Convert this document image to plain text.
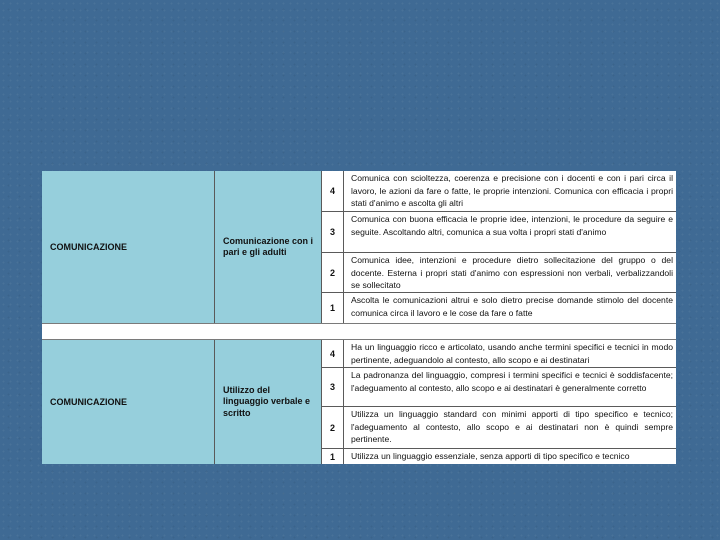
COMUNICAZIONE
Comunicazione con i
pari e gli adulti
4
Comunica con scioltezza, coerenza e precisione con i docenti e con i pari circa il lavoro, le azioni da fare o fatte, le proprie intenzioni. Comunica con efficacia i propri stati d'animo e ascolta gli altri
3
Comunica con buona efficacia le proprie idee, intenzioni, le procedure da seguire e seguite. Ascoltando altri, comunica a sua volta i propri stati d'animo
2
Comunica idee, intenzioni e procedure dietro sollecitazione del gruppo o del docente. Esterna i propri stati d'animo con espressioni non verbali, verbalizzandoli se sollecitato
1
Ascolta le comunicazioni altrui e solo dietro precise domande stimolo del docente comunica circa il lavoro e le cose da fare o fatte
COMUNICAZIONE
Utilizzo del
linguaggio verbale e
scritto
4
Ha un linguaggio ricco e articolato, usando anche termini specifici e tecnici in modo pertinente, adeguandolo al contesto, allo scopo e ai destinatari
3
La padronanza del linguaggio, compresi i termini specifici e tecnici è soddisfacente; l'adeguamento al contesto, allo scopo e ai destinatari è generalmente corretto
2
Utilizza un linguaggio standard con minimi apporti di tipo specifico e tecnico; l'adeguamento al contesto, allo scopo e ai destinatari non è quindi sempre pertinente.
1	Utilizza un linguaggio essenziale, senza apporti di tipo specifico e tecnico
